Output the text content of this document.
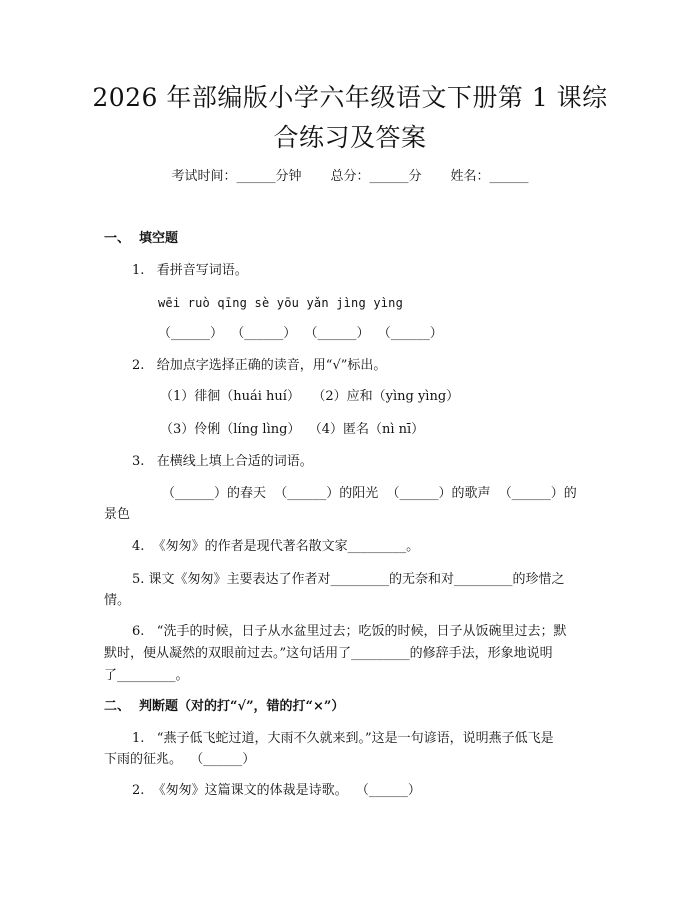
2026 年部编版小学六年级语文下册第 1 课综
合练习及答案
考试时间：______分钟 总分：______分 姓名：______
一、  填空题
1.   看拼音写词语。
wēi ruò qīng sè yōu yǎn jìng yìng
（______）  （______）  （______）  （______）
2.   给加点字选择正确的读音，用“√”标出。
（1）徘徊（huái huí）   （2）应和（yìng yìng）
（3）伶俐（líng lìng）  （4）匿名（nì nī）
3.   在横线上填上合适的词语。
（______）的春天  （______）的阳光  （______）的歌声  （______）的
景色
4.  《匆匆》的作者是现代著名散文家_________。
5. 课文《匆匆》主要表达了作者对_________的无奈和对_________的珍惜之
情。
6.   “洗手的时候，日子从水盆里过去；吃饭的时候，日子从饭碗里过去；默
默时，便从凝然的双眼前过去。”这句话用了_________的修辞手法，形象地说明
了_________。
二、  判断题（对的打“√”，错的打“×”）
1.   “燕子低飞蛇过道，大雨不久就来到。”这是一句谚语，说明燕子低飞是
下雨的征兆。  （______）
2.  《匆匆》这篇课文的体裁是诗歌。  （______）
